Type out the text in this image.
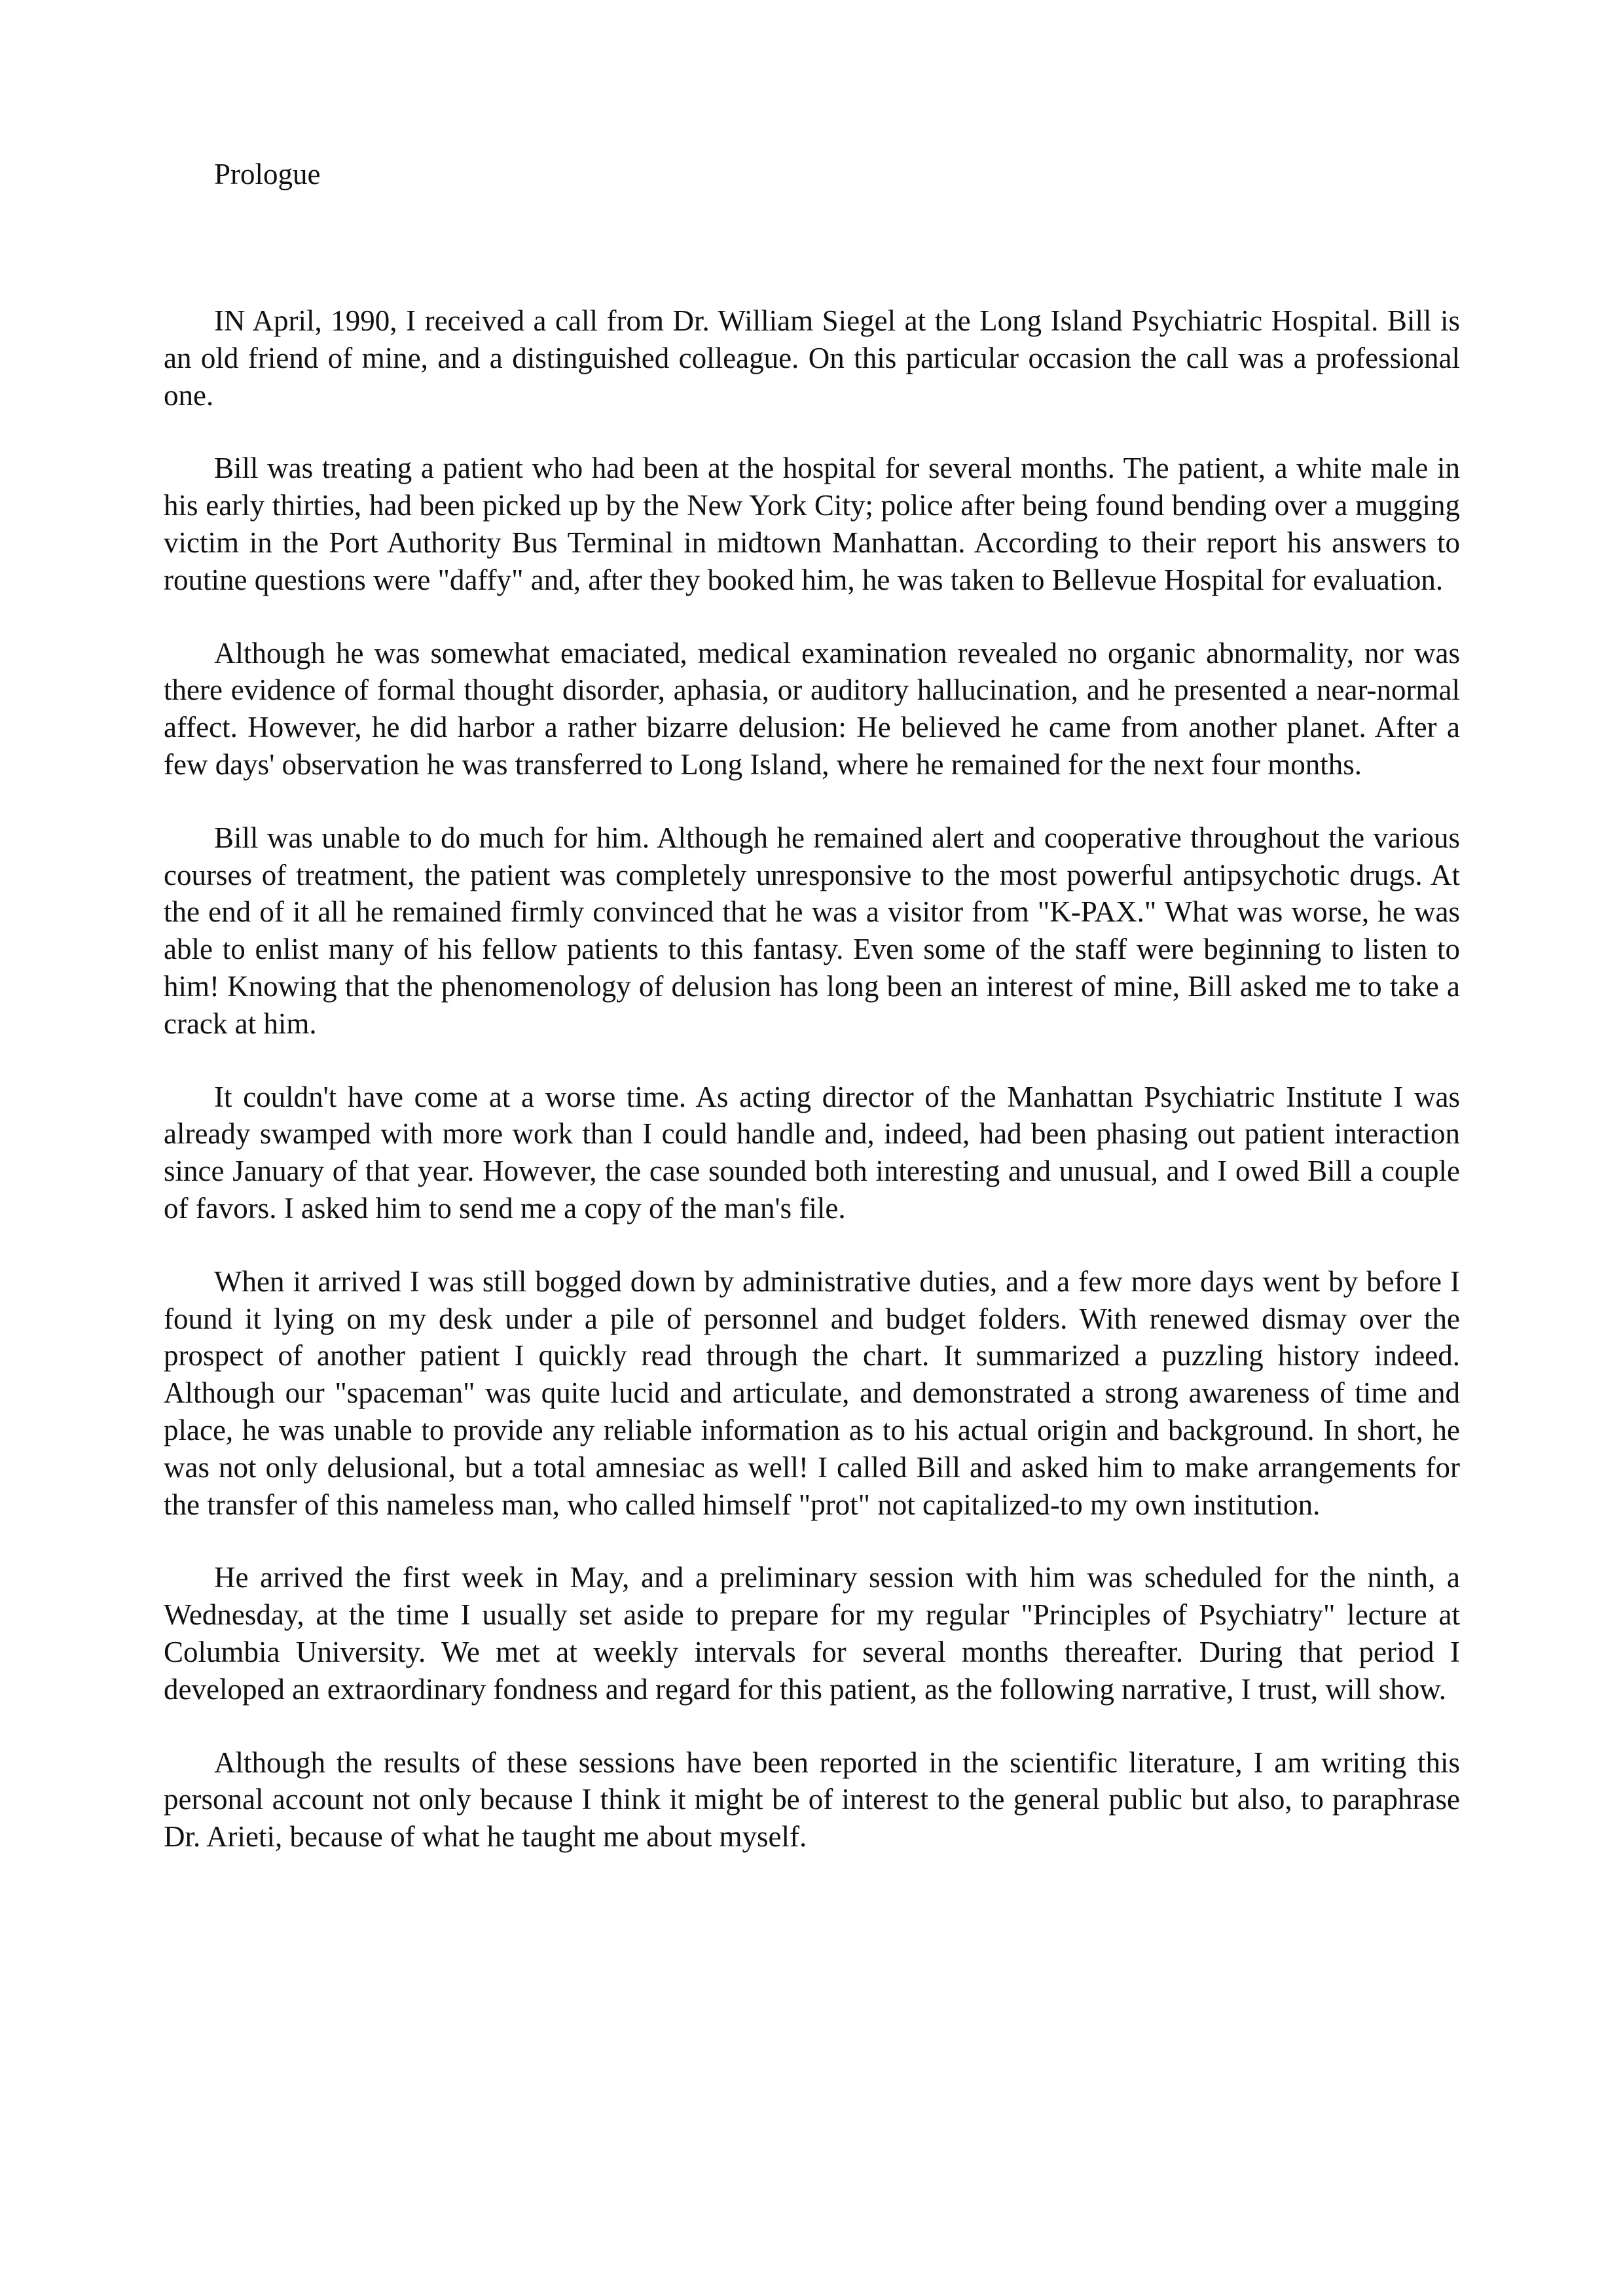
Prologue

IN April, 1990, I received a call from Dr. William Siegel at the Long Island Psychiatric Hospital. Bill is an old friend of mine, and a distinguished colleague. On this particular occasion the call was a professional one.

Bill was treating a patient who had been at the hospital for several months. The patient, a white male in his early thirties, had been picked up by the New York City; police after being found bending over a mugging victim in the Port Authority Bus Terminal in midtown Manhattan. According to their report his answers to routine questions were "daffy" and, after they booked him, he was taken to Bellevue Hospital for evaluation.

Although he was somewhat emaciated, medical examination revealed no organic abnormality, nor was there evidence of formal thought disorder, aphasia, or auditory hallucination, and he presented a near-normal affect. However, he did harbor a rather bizarre delusion: He believed he came from another planet. After a few days' observation he was transferred to Long Island, where he remained for the next four months.

Bill was unable to do much for him. Although he remained alert and cooperative throughout the various courses of treatment, the patient was completely unresponsive to the most powerful antipsychotic drugs. At the end of it all he remained firmly convinced that he was a visitor from "K-PAX." What was worse, he was able to enlist many of his fellow patients to this fantasy. Even some of the staff were beginning to listen to him! Knowing that the phenomenology of delusion has long been an interest of mine, Bill asked me to take a crack at him.

It couldn't have come at a worse time. As acting director of the Manhattan Psychiatric Institute I was already swamped with more work than I could handle and, indeed, had been phasing out patient interaction since January of that year. However, the case sounded both interesting and unusual, and I owed Bill a couple of favors. I asked him to send me a copy of the man's file.

When it arrived I was still bogged down by administrative duties, and a few more days went by before I found it lying on my desk under a pile of personnel and budget folders. With renewed dismay over the prospect of another patient I quickly read through the chart. It summarized a puzzling history indeed. Although our "spaceman" was quite lucid and articulate, and demonstrated a strong awareness of time and place, he was unable to provide any reliable information as to his actual origin and background. In short, he was not only delusional, but a total amnesiac as well! I called Bill and asked him to make arrangements for the transfer of this nameless man, who called himself "prot" not capitalized-to my own institution.

He arrived the first week in May, and a preliminary session with him was scheduled for the ninth, a Wednesday, at the time I usually set aside to prepare for my regular "Principles of Psychiatry" lecture at Columbia University. We met at weekly intervals for several months thereafter. During that period I developed an extraordinary fondness and regard for this patient, as the following narrative, I trust, will show.

Although the results of these sessions have been reported in the scientific literature, I am writing this personal account not only because I think it might be of interest to the general public but also, to paraphrase Dr. Arieti, because of what he taught me about myself.
